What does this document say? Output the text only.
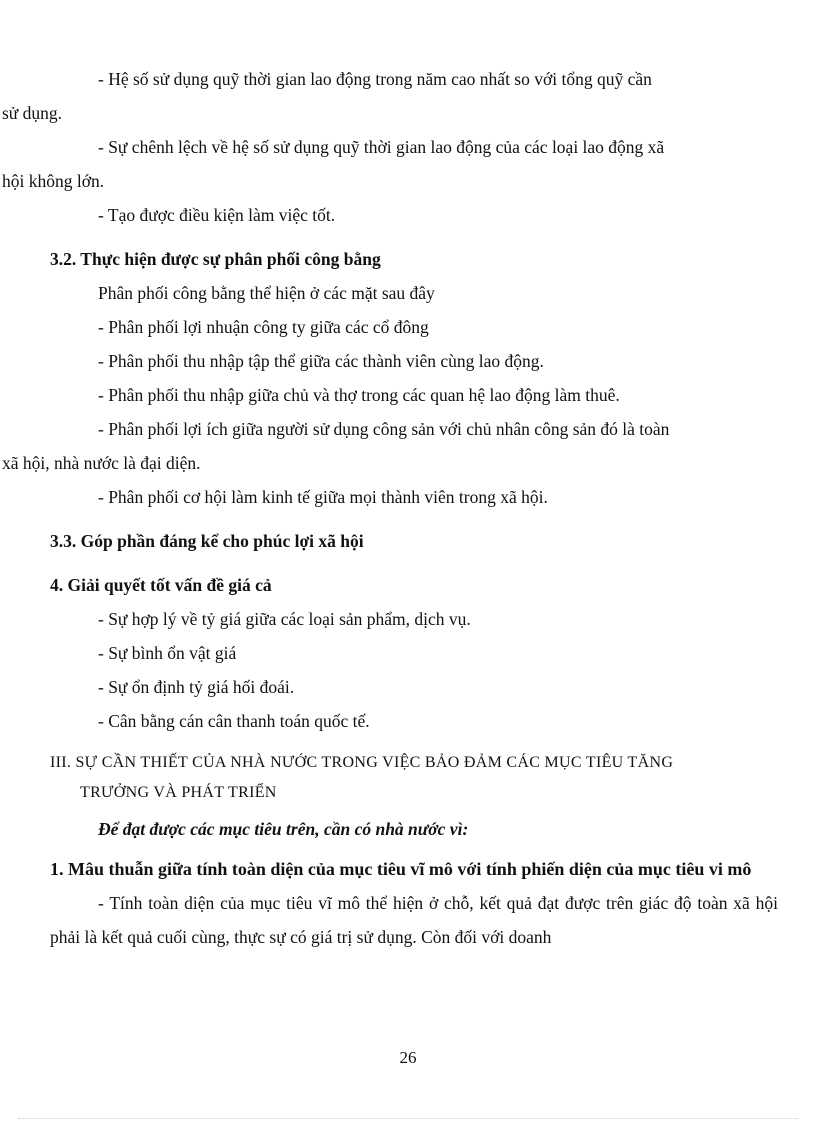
- Hệ số sử dụng quỹ thời gian lao động trong năm cao nhất so với tổng quỹ cần
sử dụng.

- Sự chênh lệch về hệ số sử dụng quỹ thời gian lao động của các loại lao động xã
hội không lớn.

- Tạo được điều kiện làm việc tốt.

3.2. Thực hiện được sự phân phối công bằng

Phân phối công bằng thể hiện ở các mặt sau đây

- Phân phối lợi nhuận công ty giữa các cổ đông

- Phân phối thu nhập tập thể giữa các thành viên cùng lao động.

- Phân phối thu nhập giữa chủ và thợ trong các quan hệ lao động làm thuê.

- Phân phối lợi ích giữa người sử dụng công sản với chủ nhân công sản đó là toàn
xã hội, nhà nước là đại diện.

- Phân phối cơ hội làm kinh tế giữa mọi thành viên trong xã hội.

3.3. Góp phần đáng kể cho phúc lợi xã hội

4. Giải quyết tốt vấn đề giá cả

- Sự hợp lý về tỷ giá giữa các loại sản phẩm, dịch vụ.

- Sự bình ổn vật giá

- Sự ổn định tỷ giá hối đoái.

- Cân bằng cán cân thanh toán quốc tế.

III. SỰ CẦN THIẾT CỦA NHÀ NƯỚC TRONG VIỆC BẢO ĐẢM CÁC MỤC TIÊU TĂNG
TRƯỞNG VÀ PHÁT TRIỂN

Để đạt được các mục tiêu trên, cần có nhà nước vì:

1. Mâu thuẫn giữa tính toàn diện của mục tiêu vĩ mô với tính phiến diện của mục tiêu vi mô

- Tính toàn diện của mục tiêu vĩ mô thể hiện ở chỗ, kết quả đạt được trên giác độ toàn xã hội phải là kết quả cuối cùng, thực sự có giá trị sử dụng. Còn đối với doanh

26
